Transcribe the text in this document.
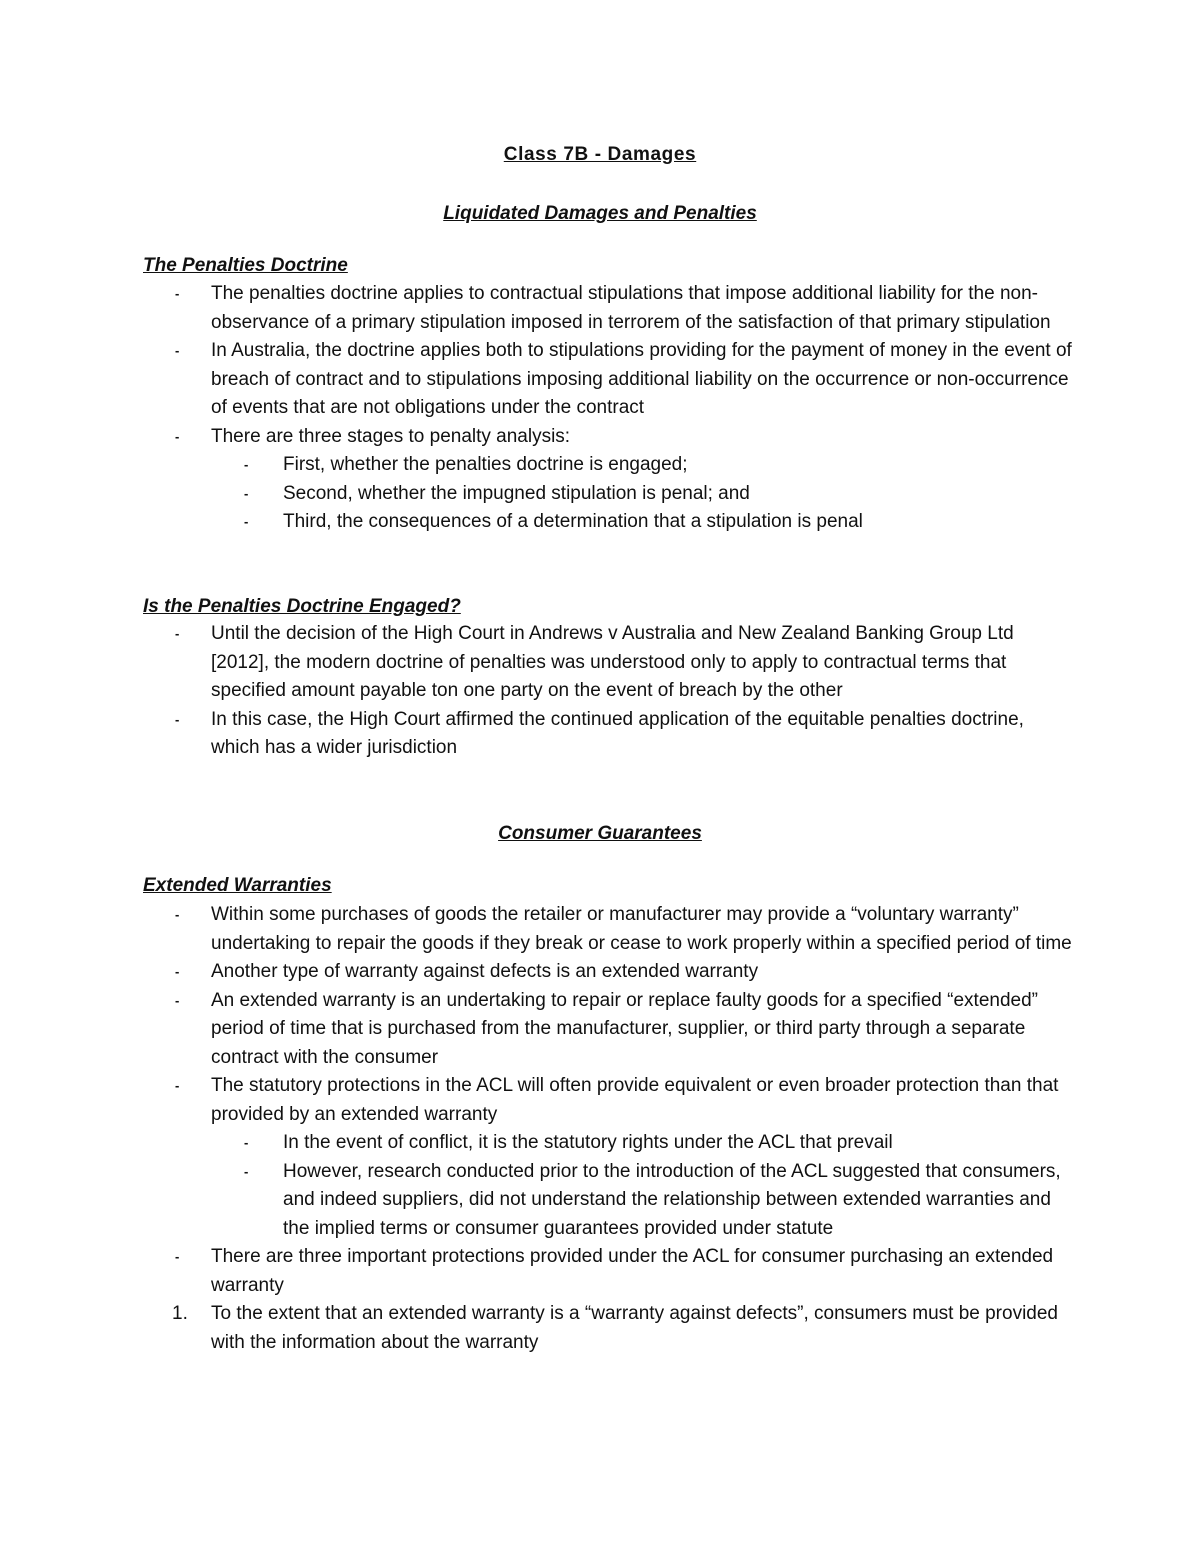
Class 7B - Damages
Liquidated Damages and Penalties
The Penalties Doctrine
- The penalties doctrine applies to contractual stipulations that impose additional liability for the non-observance of a primary stipulation imposed in terrorem of the satisfaction of that primary stipulation
- In Australia, the doctrine applies both to stipulations providing for the payment of money in the event of breach of contract and to stipulations imposing additional liability on the occurrence or non-occurrence of events that are not obligations under the contract
- There are three stages to penalty analysis:
- First, whether the penalties doctrine is engaged;
- Second, whether the impugned stipulation is penal; and
- Third, the consequences of a determination that a stipulation is penal
Is the Penalties Doctrine Engaged?
- Until the decision of the High Court in Andrews v Australia and New Zealand Banking Group Ltd [2012], the modern doctrine of penalties was understood only to apply to contractual terms that specified amount payable ton one party on the event of breach by the other
- In this case, the High Court affirmed the continued application of the equitable penalties doctrine, which has a wider jurisdiction
Consumer Guarantees
Extended Warranties
- Within some purchases of goods the retailer or manufacturer may provide a “voluntary warranty” undertaking to repair the goods if they break or cease to work properly within a specified period of time
- Another type of warranty against defects is an extended warranty
- An extended warranty is an undertaking to repair or replace faulty goods for a specified “extended” period of time that is purchased from the manufacturer, supplier, or third party through a separate contract with the consumer
- The statutory protections in the ACL will often provide equivalent or even broader protection than that provided by an extended warranty
- In the event of conflict, it is the statutory rights under the ACL that prevail
- However, research conducted prior to the introduction of the ACL suggested that consumers, and indeed suppliers, did not understand the relationship between extended warranties and the implied terms or consumer guarantees provided under statute
- There are three important protections provided under the ACL for consumer purchasing an extended warranty
1. To the extent that an extended warranty is a “warranty against defects”, consumers must be provided with the information about the warranty
